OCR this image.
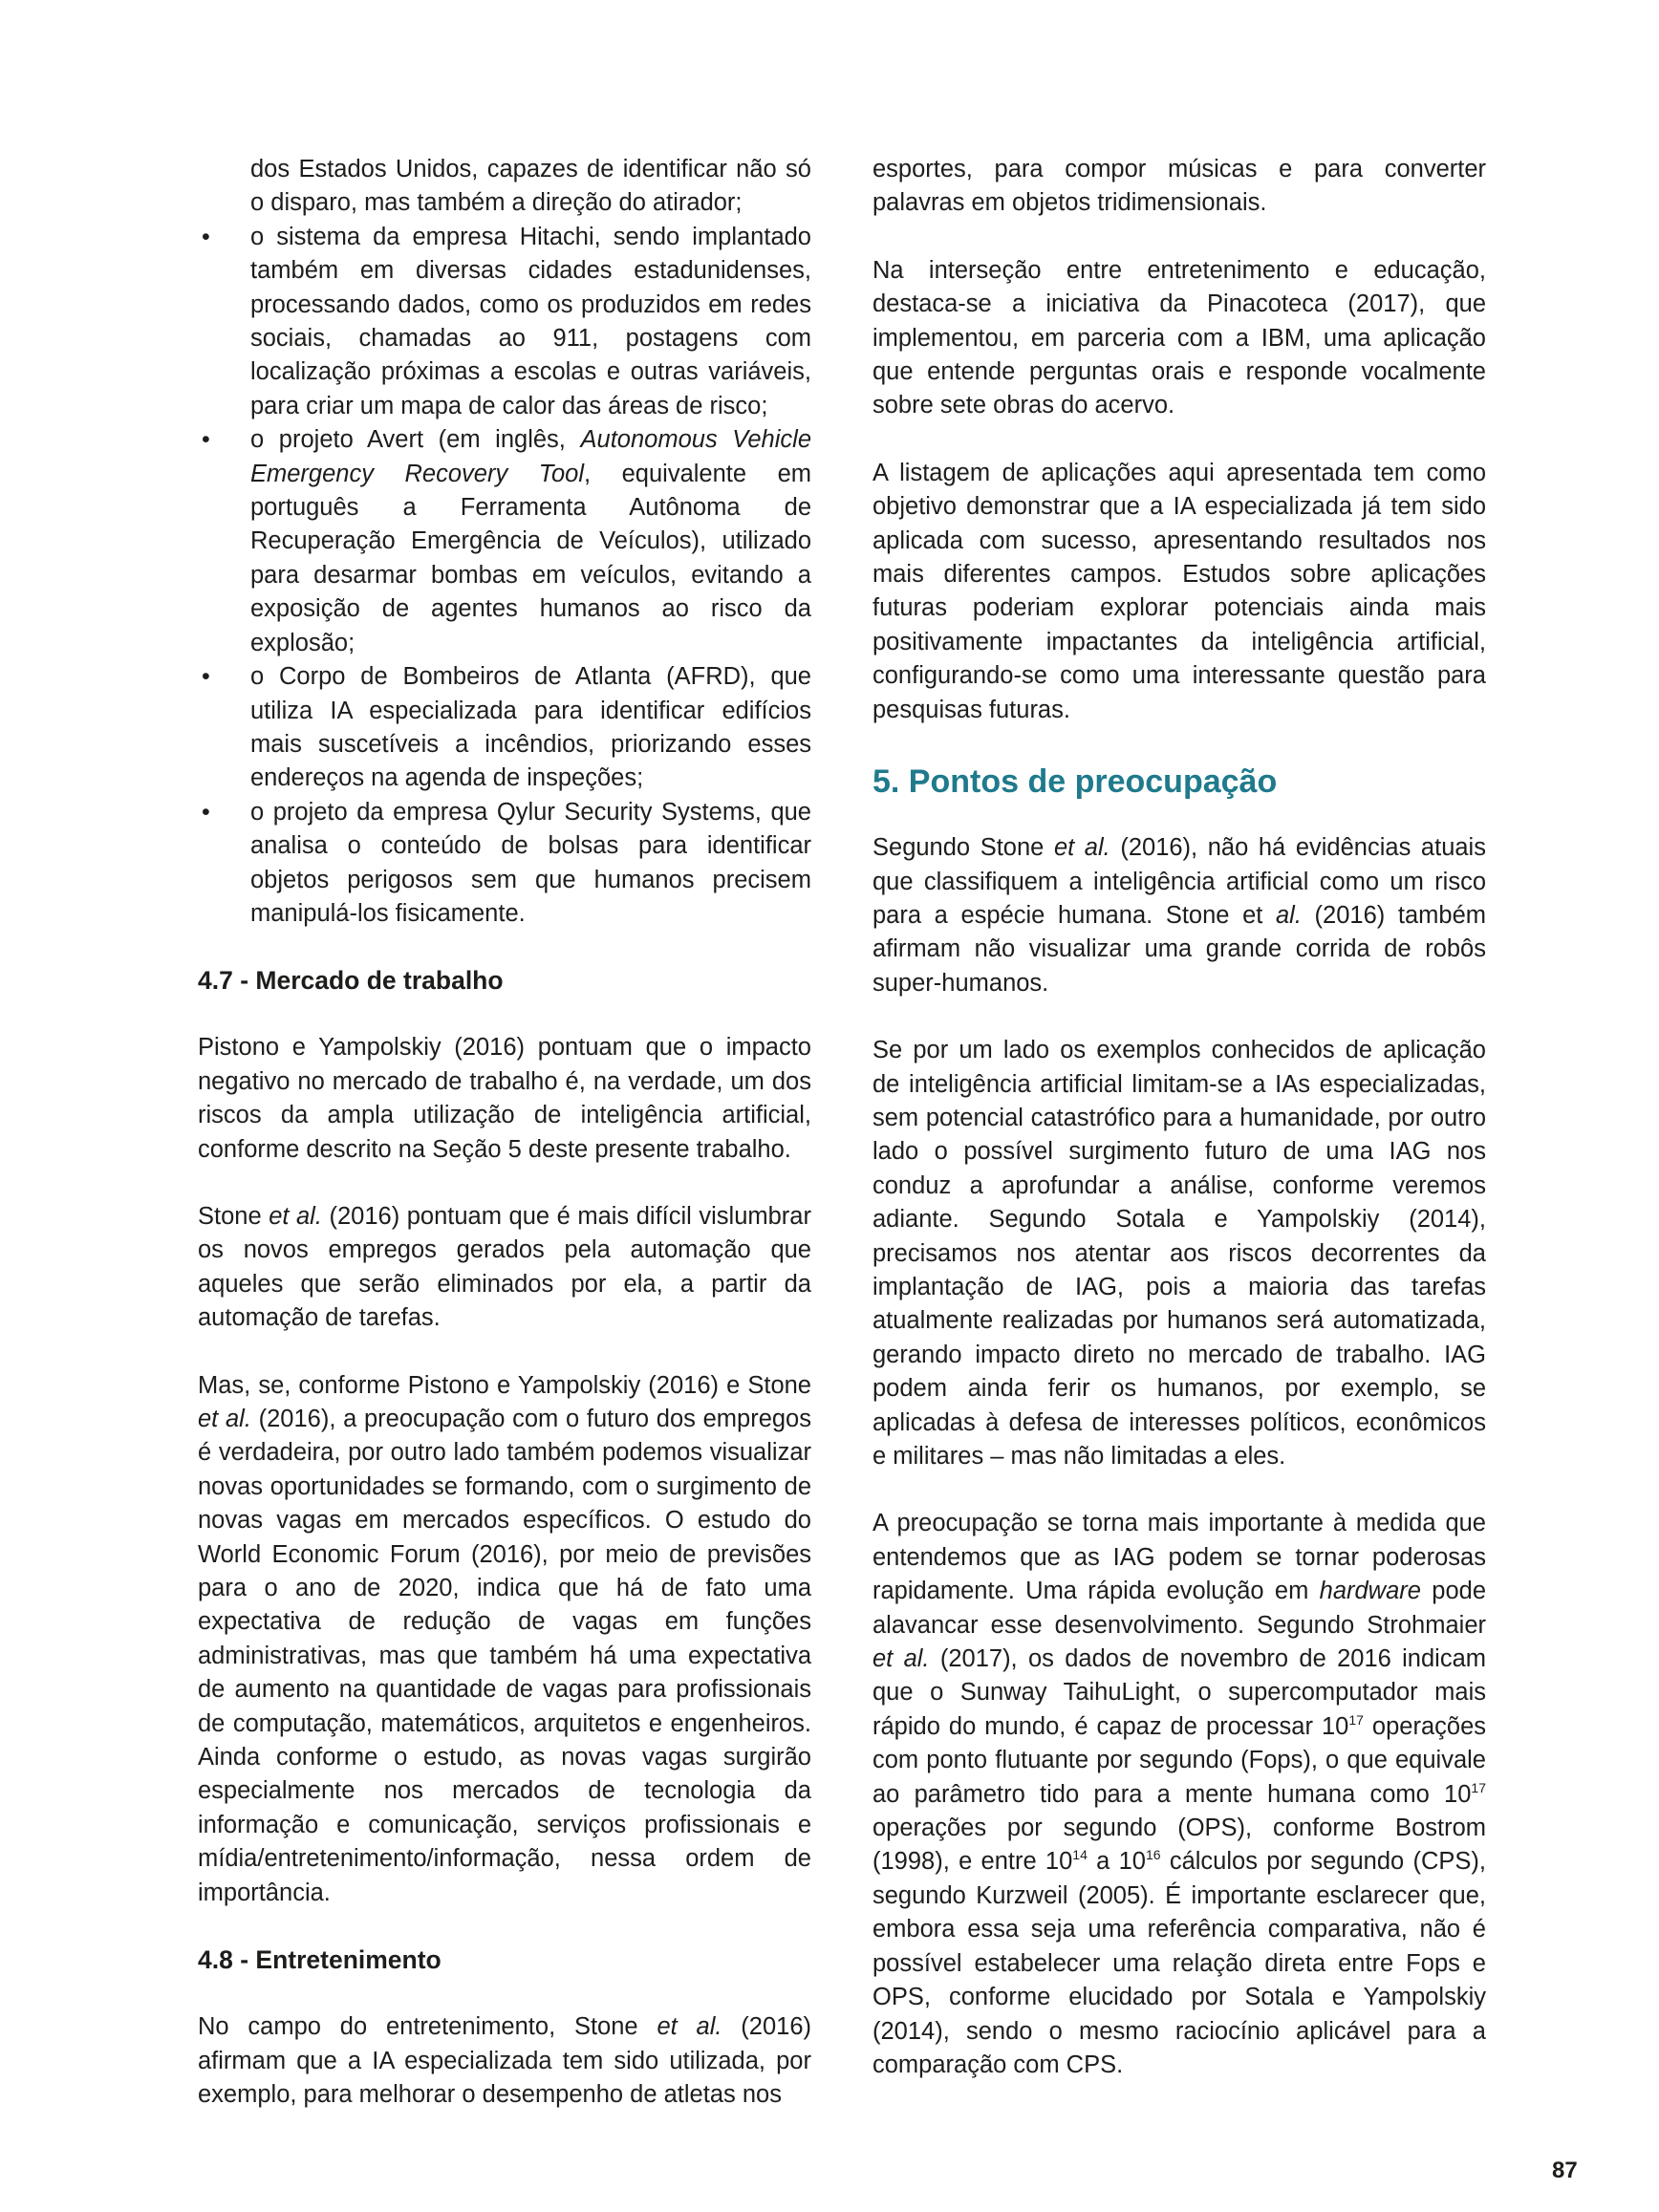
dos Estados Unidos, capazes de identificar não só o disparo, mas também a direção do atirador;

• o sistema da empresa Hitachi, sendo implantado também em diversas cidades estadunidenses, processando dados, como os produzidos em redes sociais, chamadas ao 911, postagens com localização próximas a escolas e outras variáveis, para criar um mapa de calor das áreas de risco;
• o projeto Avert (em inglês, Autonomous Vehicle Emergency Recovery Tool, equivalente em português a Ferramenta Autônoma de Recuperação Emergência de Veículos), utilizado para desarmar bombas em veículos, evitando a exposição de agentes humanos ao risco da explosão;
• o Corpo de Bombeiros de Atlanta (AFRD), que utiliza IA especializada para identificar edifícios mais suscetíveis a incêndios, priorizando esses endereços na agenda de inspeções;
• o projeto da empresa Qylur Security Systems, que analisa o conteúdo de bolsas para identificar objetos perigosos sem que humanos precisem manipulá-los fisicamente.
4.7 - Mercado de trabalho

Pistono e Yampolskiy (2016) pontuam que o impacto negativo no mercado de trabalho é, na verdade, um dos riscos da ampla utilização de inteligência artificial, conforme descrito na Seção 5 deste presente trabalho.

Stone et al. (2016) pontuam que é mais difícil vislumbrar os novos empregos gerados pela automação que aqueles que serão eliminados por ela, a partir da automação de tarefas.

Mas, se, conforme Pistono e Yampolskiy (2016) e Stone et al. (2016), a preocupação com o futuro dos empregos é verdadeira, por outro lado também podemos visualizar novas oportunidades se formando, com o surgimento de novas vagas em mercados específicos. O estudo do World Economic Forum (2016), por meio de previsões para o ano de 2020, indica que há de fato uma expectativa de redução de vagas em funções administrativas, mas que também há uma expectativa de aumento na quantidade de vagas para profissionais de computação, matemáticos, arquitetos e engenheiros. Ainda conforme o estudo, as novas vagas surgirão especialmente nos mercados de tecnologia da informação e comunicação, serviços profissionais e mídia/entretenimento/informação, nessa ordem de importância.

4.8 - Entretenimento

No campo do entretenimento, Stone et al. (2016) afirmam que a IA especializada tem sido utilizada, por exemplo, para melhorar o desempenho de atletas nos

esportes, para compor músicas e para converter palavras em objetos tridimensionais.

Na interseção entre entretenimento e educação, destaca-se a iniciativa da Pinacoteca (2017), que implementou, em parceria com a IBM, uma aplicação que entende perguntas orais e responde vocalmente sobre sete obras do acervo.

A listagem de aplicações aqui apresentada tem como objetivo demonstrar que a IA especializada já tem sido aplicada com sucesso, apresentando resultados nos mais diferentes campos. Estudos sobre aplicações futuras poderiam explorar potenciais ainda mais positivamente impactantes da inteligência artificial, configurando-se como uma interessante questão para pesquisas futuras.

5. Pontos de preocupação

Segundo Stone et al. (2016), não há evidências atuais que classifiquem a inteligência artificial como um risco para a espécie humana. Stone et al. (2016) também afirmam não visualizar uma grande corrida de robôs super-humanos.

Se por um lado os exemplos conhecidos de aplicação de inteligência artificial limitam-se a IAs especializadas, sem potencial catastrófico para a humanidade, por outro lado o possível surgimento futuro de uma IAG nos conduz a aprofundar a análise, conforme veremos adiante. Segundo Sotala e Yampolskiy (2014), precisamos nos atentar aos riscos decorrentes da implantação de IAG, pois a maioria das tarefas atualmente realizadas por humanos será automatizada, gerando impacto direto no mercado de trabalho. IAG podem ainda ferir os humanos, por exemplo, se aplicadas à defesa de interesses políticos, econômicos e militares – mas não limitadas a eles.

A preocupação se torna mais importante à medida que entendemos que as IAG podem se tornar poderosas rapidamente. Uma rápida evolução em hardware pode alavancar esse desenvolvimento. Segundo Strohmaier et al. (2017), os dados de novembro de 2016 indicam que o Sunway TaihuLight, o supercomputador mais rápido do mundo, é capaz de processar $10^{17}$ operações com ponto flutuante por segundo (Fops), o que equivale ao parâmetro tido para a mente humana como $10^{17}$ operações por segundo (OPS), conforme Bostrom (1998), e entre $10^{14}$ a $10^{16}$ cálculos por segundo (CPS), segundo Kurzweil (2005). É importante esclarecer que, embora essa seja uma referência comparativa, não é possível estabelecer uma relação direta entre Fops e OPS, conforme elucidado por Sotala e Yampolskiy (2014), sendo o mesmo raciocínio aplicável para a comparação com CPS.

87
